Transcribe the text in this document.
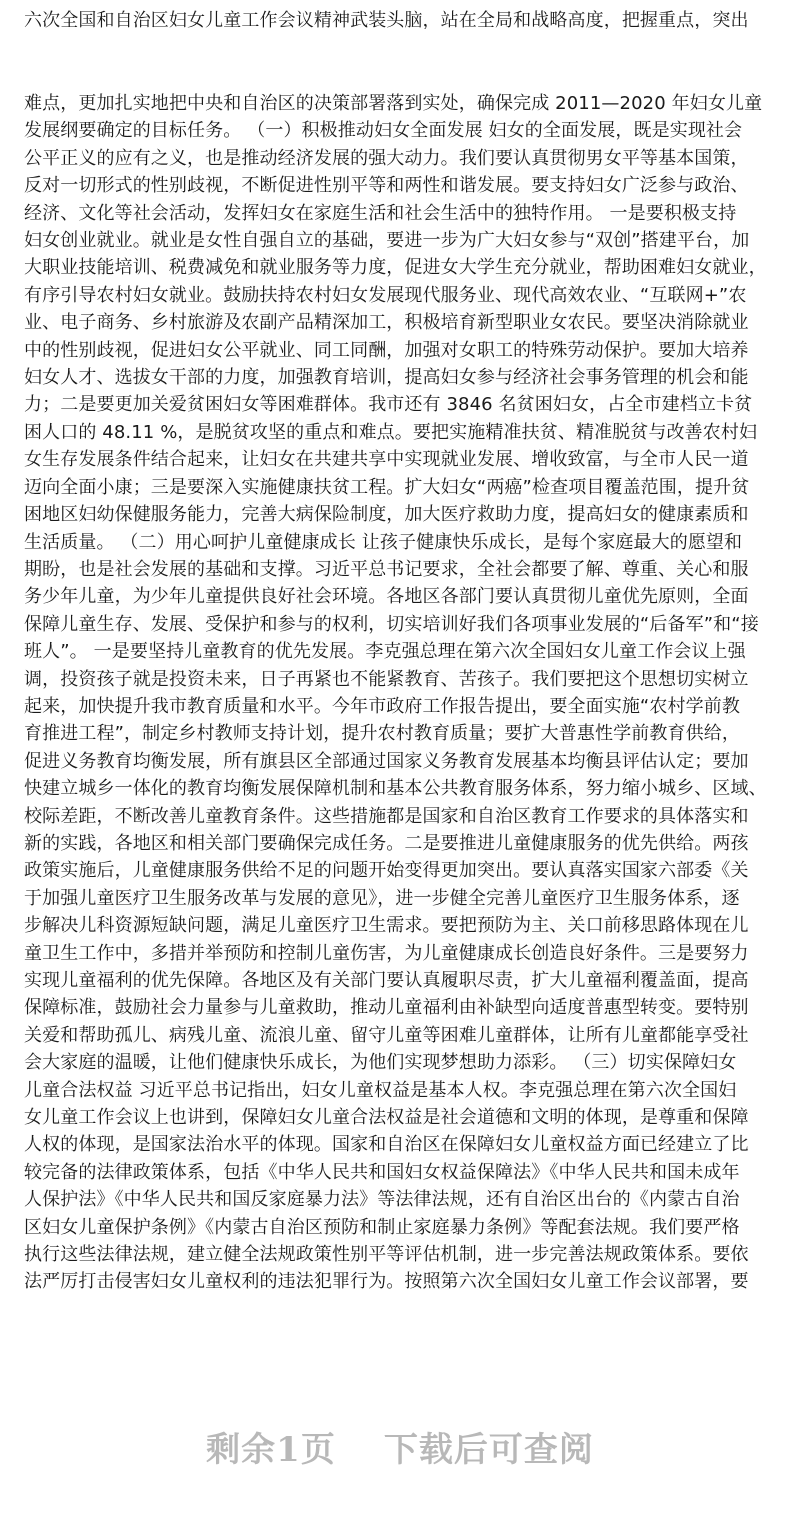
六次全国和自治区妇女儿童工作会议精神武装头脑，站在全局和战略高度，把握重点，突出

难点，更加扎实地把中央和自治区的决策部署落到实处，确保完成 2011—2020 年妇女儿童

发展纲要确定的目标任务。 （一）积极推动妇女全面发展 妇女的全面发展，既是实现社会

公平正义的应有之义，也是推动经济发展的强大动力。我们要认真贯彻男女平等基本国策，

反对一切形式的性别歧视，不断促进性别平等和两性和谐发展。要支持妇女广泛参与政治、

经济、文化等社会活动，发挥妇女在家庭生活和社会生活中的独特作用。 一是要积极支持

妇女创业就业。就业是女性自强自立的基础，要进一步为广大妇女参与“双创”搭建平台，加

大职业技能培训、税费减免和就业服务等力度，促进女大学生充分就业，帮助困难妇女就业，

有序引导农村妇女就业。鼓励扶持农村妇女发展现代服务业、现代高效农业、“互联网+”农

业、电子商务、乡村旅游及农副产品精深加工，积极培育新型职业女农民。要坚决消除就业

中的性别歧视，促进妇女公平就业、同工同酬，加强对女职工的特殊劳动保护。要加大培养

妇女人才、选拔女干部的力度，加强教育培训，提高妇女参与经济社会事务管理的机会和能

力；二是要更加关爱贫困妇女等困难群体。我市还有 3846 名贫困妇女，占全市建档立卡贫

困人口的 48.11 %，是脱贫攻坚的重点和难点。要把实施精准扶贫、精准脱贫与改善农村妇

女生存发展条件结合起来，让妇女在共建共享中实现就业发展、增收致富，与全市人民一道

迈向全面小康；三是要深入实施健康扶贫工程。扩大妇女“两癌”检查项目覆盖范围，提升贫

困地区妇幼保健服务能力，完善大病保险制度，加大医疗救助力度，提高妇女的健康素质和

生活质量。 （二）用心呵护儿童健康成长 让孩子健康快乐成长，是每个家庭最大的愿望和

期盼，也是社会发展的基础和支撑。习近平总书记要求，全社会都要了解、尊重、关心和服

务少年儿童，为少年儿童提供良好社会环境。各地区各部门要认真贯彻儿童优先原则，全面

保障儿童生存、发展、受保护和参与的权利，切实培训好我们各项事业发展的“后备军”和“接

班人”。 一是要坚持儿童教育的优先发展。李克强总理在第六次全国妇女儿童工作会议上强

调，投资孩子就是投资未来，日子再紧也不能紧教育、苦孩子。我们要把这个思想切实树立

起来，加快提升我市教育质量和水平。今年市政府工作报告提出，要全面实施“农村学前教

育推进工程”，制定乡村教师支持计划，提升农村教育质量；要扩大普惠性学前教育供给，

促进义务教育均衡发展，所有旗县区全部通过国家义务教育发展基本均衡县评估认定；要加

快建立城乡一体化的教育均衡发展保障机制和基本公共教育服务体系，努力缩小城乡、区域、

校际差距，不断改善儿童教育条件。这些措施都是国家和自治区教育工作要求的具体落实和

新的实践，各地区和相关部门要确保完成任务。二是要推进儿童健康服务的优先供给。两孩

政策实施后，儿童健康服务供给不足的问题开始变得更加突出。要认真落实国家六部委《关

于加强儿童医疗卫生服务改革与发展的意见》，进一步健全完善儿童医疗卫生服务体系，逐

步解决儿科资源短缺问题，满足儿童医疗卫生需求。要把预防为主、关口前移思路体现在儿

童卫生工作中，多措并举预防和控制儿童伤害，为儿童健康成长创造良好条件。三是要努力

实现儿童福利的优先保障。各地区及有关部门要认真履职尽责，扩大儿童福利覆盖面，提高

保障标准，鼓励社会力量参与儿童救助，推动儿童福利由补缺型向适度普惠型转变。要特别

关爱和帮助孤儿、病残儿童、流浪儿童、留守儿童等困难儿童群体，让所有儿童都能享受社

会大家庭的温暖，让他们健康快乐成长，为他们实现梦想助力添彩。 （三）切实保障妇女

儿童合法权益 习近平总书记指出，妇女儿童权益是基本人权。李克强总理在第六次全国妇

女儿童工作会议上也讲到，保障妇女儿童合法权益是社会道德和文明的体现，是尊重和保障

人权的体现，是国家法治水平的体现。国家和自治区在保障妇女儿童权益方面已经建立了比

较完备的法律政策体系，包括《中华人民共和国妇女权益保障法》《中华人民共和国未成年

人保护法》《中华人民共和国反家庭暴力法》等法律法规，还有自治区出台的《内蒙古自治

区妇女儿童保护条例》《内蒙古自治区预防和制止家庭暴力条例》等配套法规。我们要严格

执行这些法律法规，建立健全法规政策性别平等评估机制，进一步完善法规政策体系。要依

法严厉打击侵害妇女儿童权利的违法犯罪行为。按照第六次全国妇女儿童工作会议部署，要

剩余1页 下载后可查阅
